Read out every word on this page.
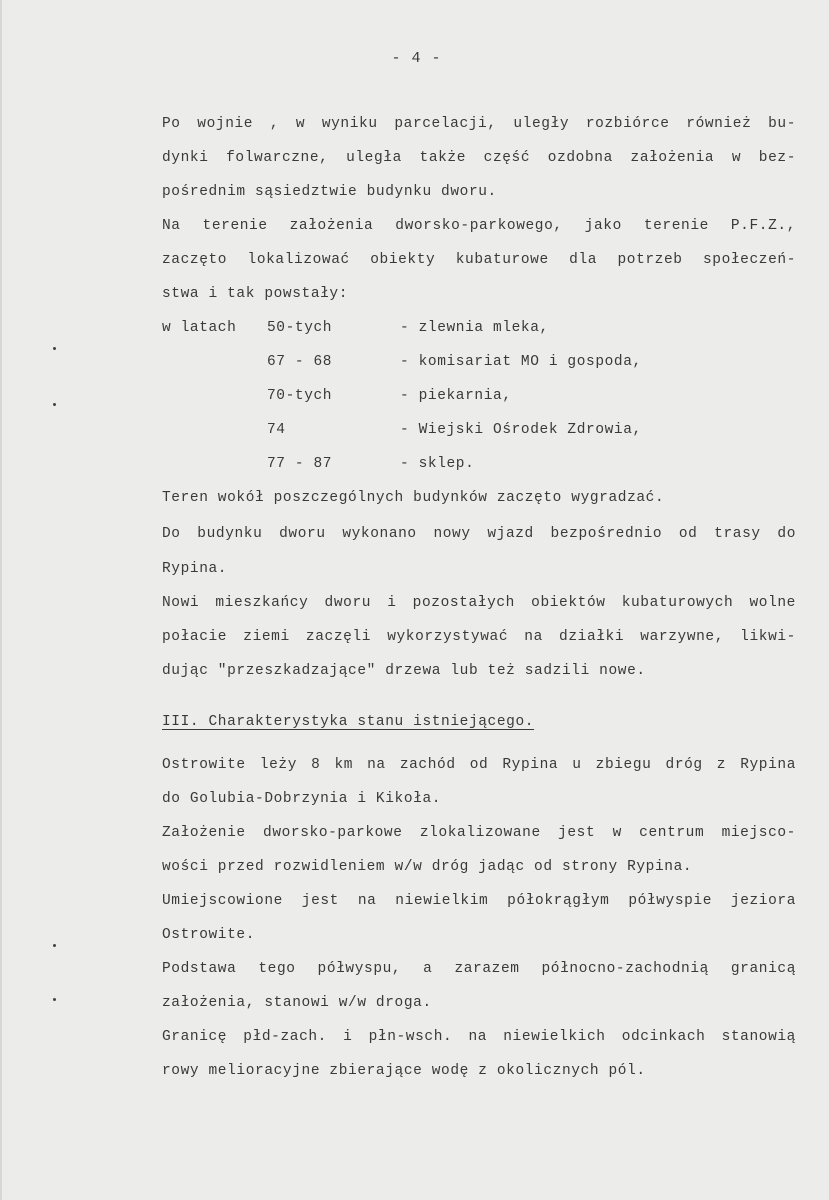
- 4 -
Po wojnie , w wyniku parcelacji, uległy rozbiórce również bu-
dynki folwarczne, uległa także część ozdobna założenia w bez-
pośrednim sąsiedztwie budynku dworu.
Na terenie założenia dworsko-parkowego, jako terenie P.F.Z.,
zaczęto lokalizować obiekty kubaturowe dla potrzeb społeczeń-
stwa i tak powstały:
w latach 50-tych	- zlewnia mleka,
67 - 68	- komisariat MO i gospoda,
70-tych	- piekarnia,
74	- Wiejski Ośrodek Zdrowia,
77 - 87	- sklep.
Teren wokół poszczególnych budynków zaczęto wygradzać.
Do budynku dworu wykonano nowy wjazd bezpośrednio od trasy do
Rypina.
Nowi mieszkańcy dworu i pozostałych obiektów kubaturowych wolne
połacie ziemi zaczęli wykorzystywać na działki warzywne, likwi-
dując "przeszkadzające" drzewa lub też sadzili nowe.
III. Charakterystyka stanu istniejącego.
Ostrowite leży 8 km na zachód od Rypina u zbiegu dróg z Rypina
do Golubia-Dobrzynia i Kikoła.
Założenie dworsko-parkowe zlokalizowane jest w centrum miejsco-
wości przed rozwidleniem w/w dróg jadąc od strony Rypina.
Umiejscowione jest na niewielkim półokrągłym półwyspie jeziora
Ostrowite.
Podstawa tego półwyspu, a zarazem północno-zachodnią granicą
założenia, stanowi w/w droga.
Granicę płd-zach. i płn-wsch. na niewielkich odcinkach stanowią
rowy melioracyjne zbierające wodę z okolicznych pól.
